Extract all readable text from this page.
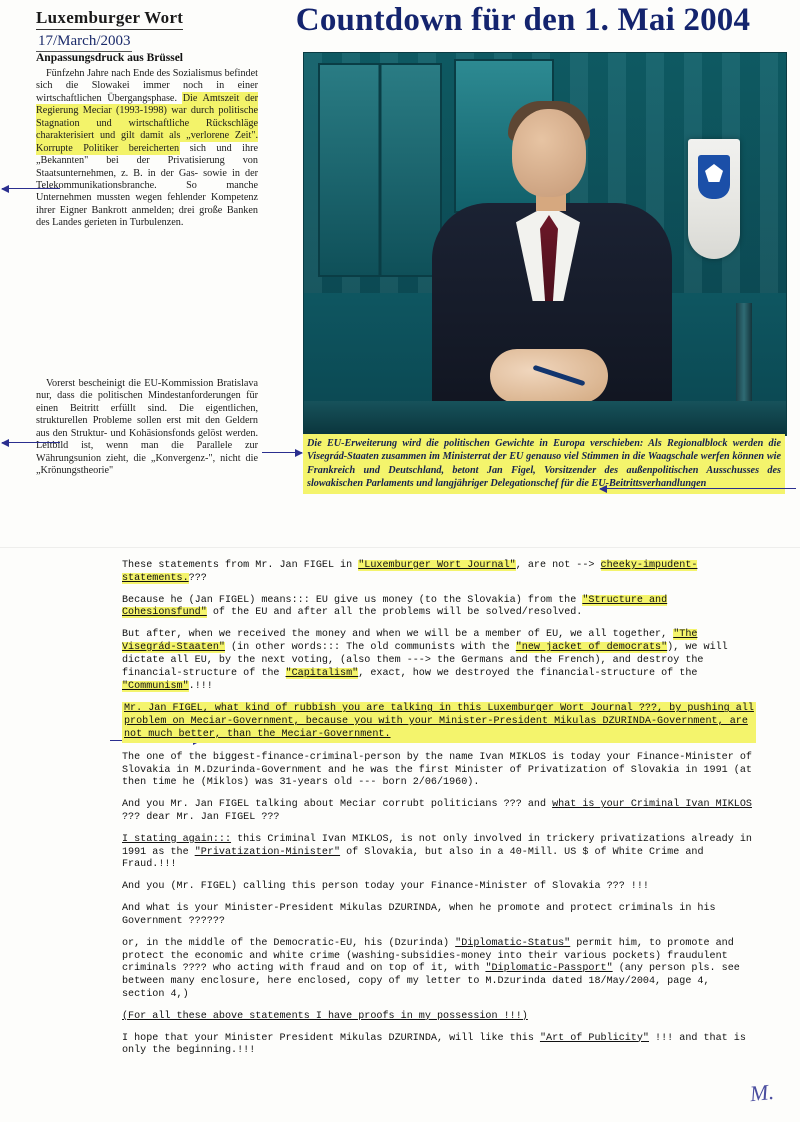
Luxemburger Wort 17/March/2003
Countdown für den 1. Mai 2004
Anpassungsdruck aus Brüssel

Fünfzehn Jahre nach Ende des Sozialismus befindet sich die Slowakei immer noch in einer wirtschaftlichen Übergangsphase. Die Amtszeit der Regierung Meciar (1993-1998) war durch politische Stagnation und wirtschaftliche Rückschläge charakterisiert und gilt damit als „verlorene Zeit". Korrupte Politiker bereicherten sich und ihre „Bekannten" bei der Privatisierung von Staatsunternehmen, z. B. in der Gas- sowie in der Telekommunikationsbranche. So manche Unternehmen mussten wegen fehlender Kompetenz ihrer Eigner Bankrott anmelden; drei große Banken des Landes gerieten in Turbulenzen.

Vorerst bescheinigt die EU-Kommission Bratislava nur, dass die politischen Mindestanforderungen für einen Beitritt erfüllt sind. Die eigentlichen, strukturellen Probleme sollen erst mit den Geldern aus den Struktur- und Kohäsionsfonds gelöst werden. Leitbild ist, wenn man die Parallele zur Währungsunion zieht, die „Konvergenz-", nicht die „Krönungstheorie"

Die EU-Erweiterung wird die politischen Gewichte in Europa verschieben: Als Regionalblock werden die Visegrád-Staaten zusammen im Ministerrat der EU genauso viel Stimmen in die Waagschale werfen können wie Frankreich und Deutschland, betont Jan Figel, Vorsitzender des außenpolitischen Ausschusses des slowakischen Parlaments und langjähriger Delegationschef für die EU-Beitrittsverhandlungen

These statements from Mr. Jan FIGEL in "Luxemburger Wort Journal", are not --> cheeky-impudent-statements.???

Because he (Jan FIGEL) means::: EU give us money (to the Slovakia) from the "Structure and Cohesionsfund" of the EU and after all the problems will be solved/resolved.

But after, when we received the money and when we will be a member of EU, we all together, "The Visegrád-Staaten" (in other words::: The old communists with the "new jacket of democrats"), we will dictate all EU, by the next voting, (also them ---> the Germans and the French), and destroy the financial-structure of the "Capitalism", exact, how we destroyed the financial-structure of the "Communism".!!!

Mr. Jan FIGEL, what kind of rubbish you are talking in this Luxemburger Wort Journal ???, by pushing all problem on Meciar-Government, because you with your Minister-President Mikulas DZURINDA-Government, are not much better, than the Meciar-Government.

The one of the biggest-finance-criminal-person by the name Ivan MIKLOS is today your Finance-Minister of Slovakia in M.Dzurinda-Government and he was the first Minister of Privatization of Slovakia in 1991 (at then time he (Miklos) was 31-years old --- born 2/06/1960).

And you Mr. Jan FIGEL talking about Meciar corrubt politicians ??? and what is your Criminal Ivan MIKLOS ??? dear Mr. Jan FIGEL ???

I stating again::: this Criminal Ivan MIKLOS, is not only involved in trickery privatizations already in 1991 as the "Privatization-Minister" of Slovakia, but also in a 40-Mill. US $ of White Crime and Fraud.!!!

And you (Mr. FIGEL) calling this person today your Finance-Minister of Slovakia ??? !!!

And what is your Minister-President Mikulas DZURINDA, when he promote and protect criminals in his Government ??????

or, in the middle of the Democratic-EU, his (Dzurinda) "Diplomatic-Status" permit him, to promote and protect the economic and white crime (washing-subsidies-money into their various pockets) fraudulent criminals ???? who acting with fraud and on top of it, with "Diplomatic-Passport" (any person pls. see between many enclosure, here enclosed, copy of my letter to M.Dzurinda dated 18/May/2004, page 4, section 4,)

(For all these above statements I have proofs in my possession !!!)

I hope that your Minister President Mikulas DZURINDA, will like this "Art of Publicity" !!! and that is only the beginning.!!!

M.
